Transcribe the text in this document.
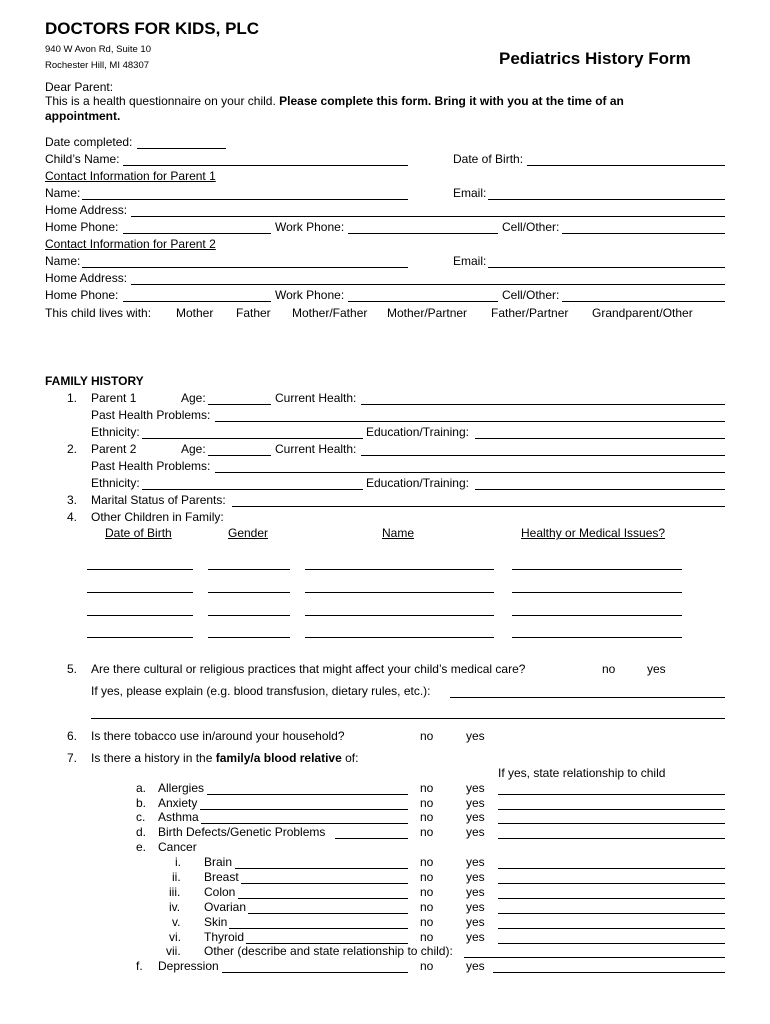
DOCTORS FOR KIDS, PLC
940 W Avon Rd, Suite 10
Rochester Hill, MI 48307	Pediatrics History Form
Dear Parent:
This is a health questionnaire on your child. Please complete this form. Bring it with you at the time of an
appointment.
Date completed:
Child’s Name:	Date of Birth:
Contact Information for Parent 1
Name:	Email:
Home Address:
Home Phone:	Work Phone:	Cell/Other:
Contact Information for Parent 2
Name:	Email:
Home Address:
Home Phone:	Work Phone:	Cell/Other:
This child lives with: Mother Father Mother/Father Mother/Partner Father/Partner Grandparent/Other
FAMILY HISTORY
1. Parent 1	Age:	Current Health:
Past Health Problems:
Ethnicity:	Education/Training:
2. Parent 2	Age:	Current Health:
Past Health Problems:
Ethnicity:	Education/Training:
3. Marital Status of Parents:
4. Other Children in Family:
Date of Birth	Gender	Name	Healthy or Medical Issues?
5. Are there cultural or religious practices that might affect your child’s medical care?	no	yes
If yes, please explain (e.g. blood transfusion, dietary rules, etc.):
6. Is there tobacco use in/around your household?	no	yes
7. Is there a history in the family/a blood relative of:
If yes, state relationship to child
a. Allergies	no	yes
b. Anxiety	no	yes
c. Asthma	no	yes
d. Birth Defects/Genetic Problems	no	yes
e. Cancer
i. Brain	no	yes
ii. Breast	no	yes
iii. Colon	no	yes
iv. Ovarian	no	yes
v. Skin	no	yes
vi. Thyroid	no	yes
vii. Other (describe and state relationship to child):
f. Depression	no	yes
